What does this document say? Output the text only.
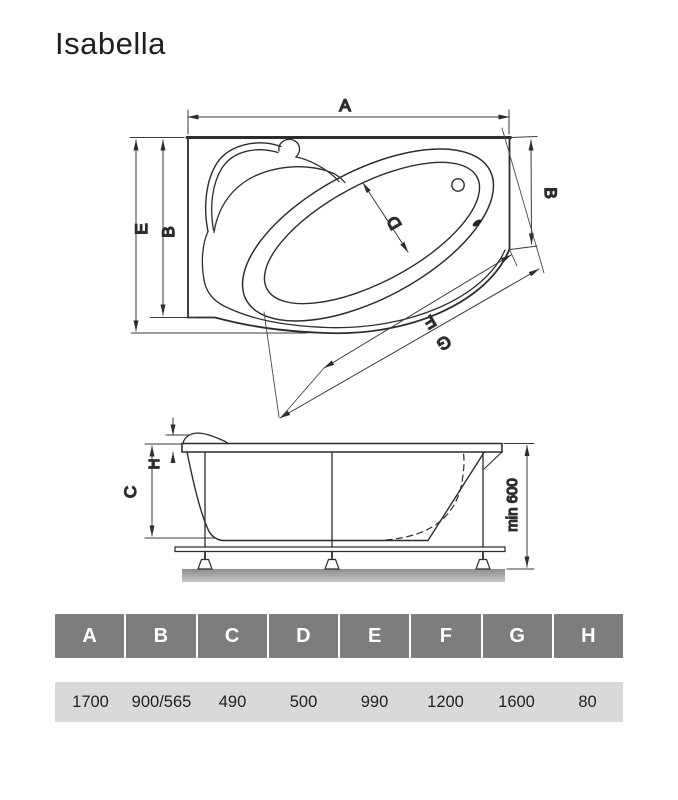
Isabella
A
E B
B
D
F
G
C
H
min 600
A	B	C	D	E	F	G	H
1700	900/565	490	500	990	1200	1600	80
